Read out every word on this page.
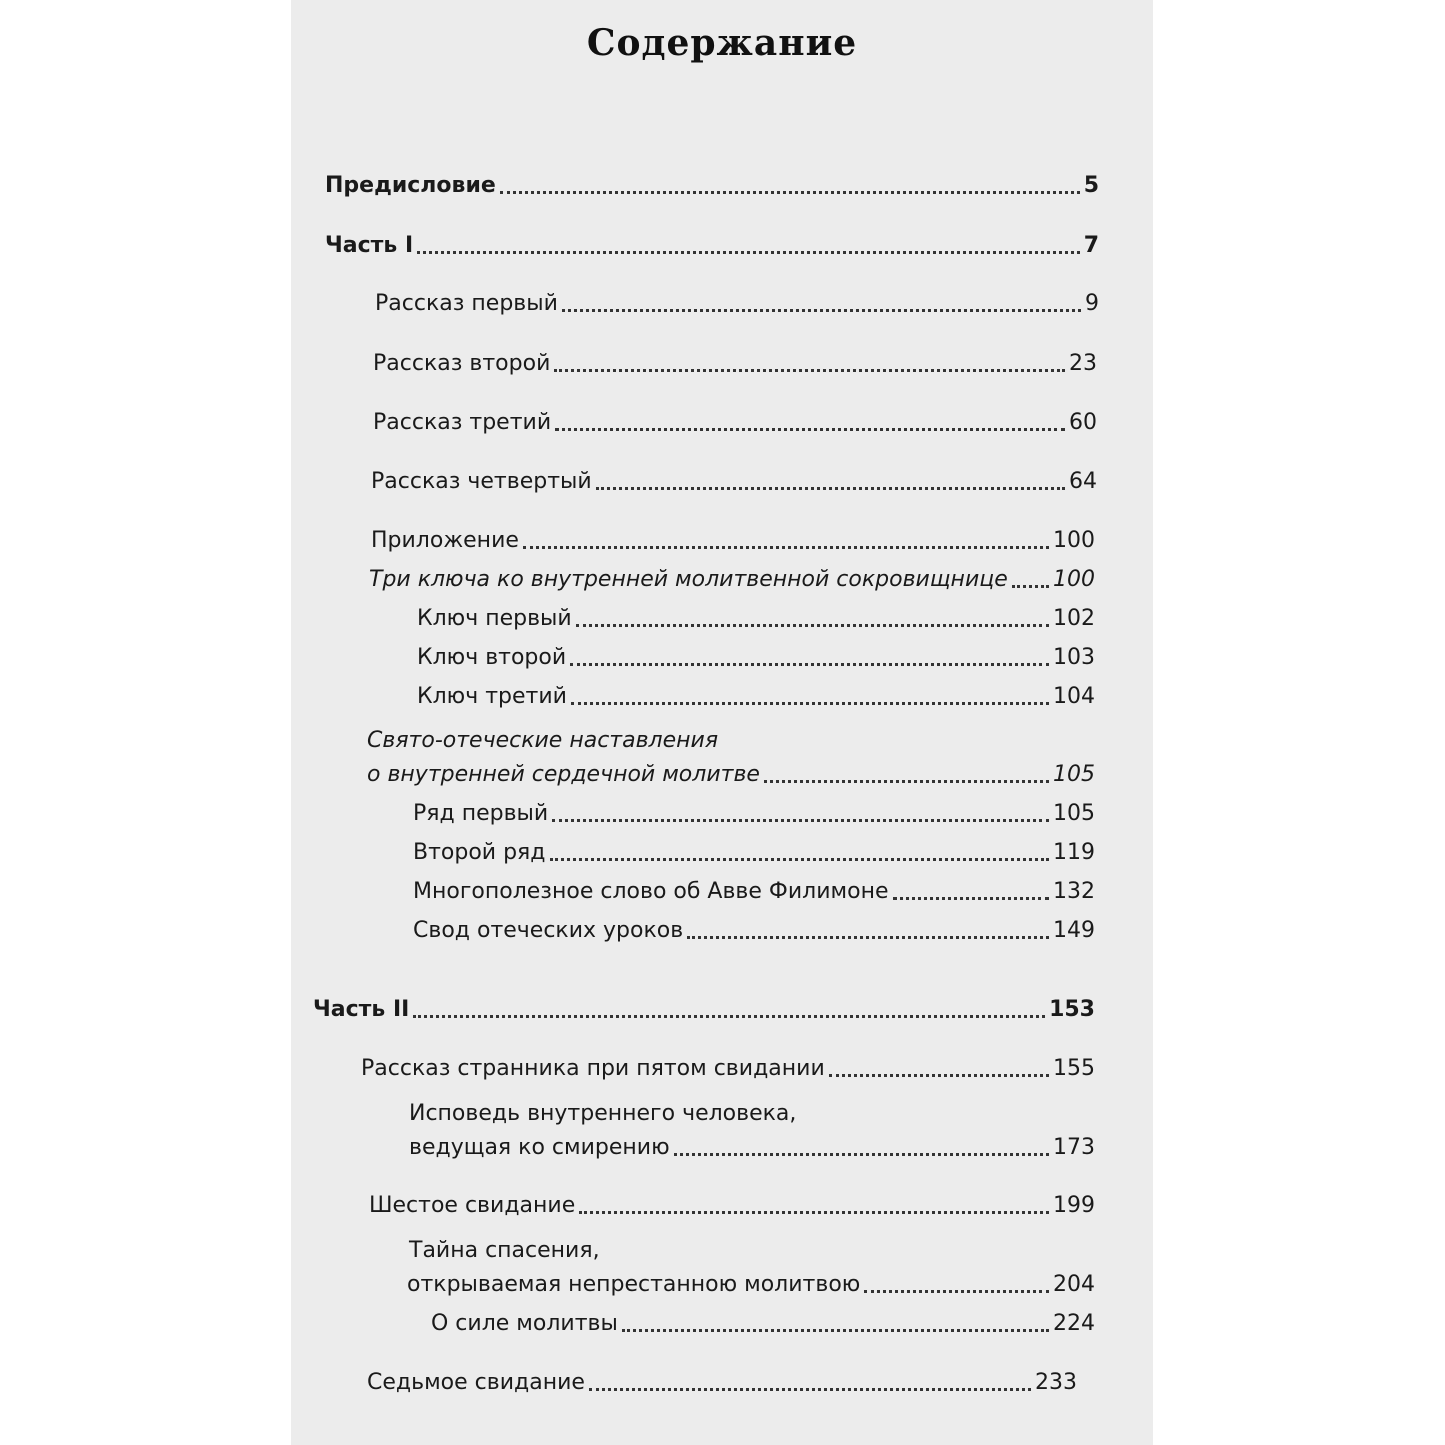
Содержание
Предисловие	5
Часть I	7
Рассказ первый	9
Рассказ второй	23
Рассказ третий	60
Рассказ четвертый	64
Приложение	100
Три ключа ко внутренней молитвенной сокровищнице 100
Ключ первый	102
Ключ второй	103
Ключ третий	104
Свято-отеческие наставления
о внутренней сердечной молитве	105
Ряд первый	105
Второй ряд	119
Многополезное слово об Авве Филимоне	132
Свод отеческих уроков	149
Часть II	153
Рассказ странника при пятом свидании	155
Исповедь внутреннего человека,
ведущая ко смирению	173
Шестое свидание	199
Тайна спасения,
открываемая непрестанною молитвою	204
О силе молитвы	224
Седьмое свидание	233
